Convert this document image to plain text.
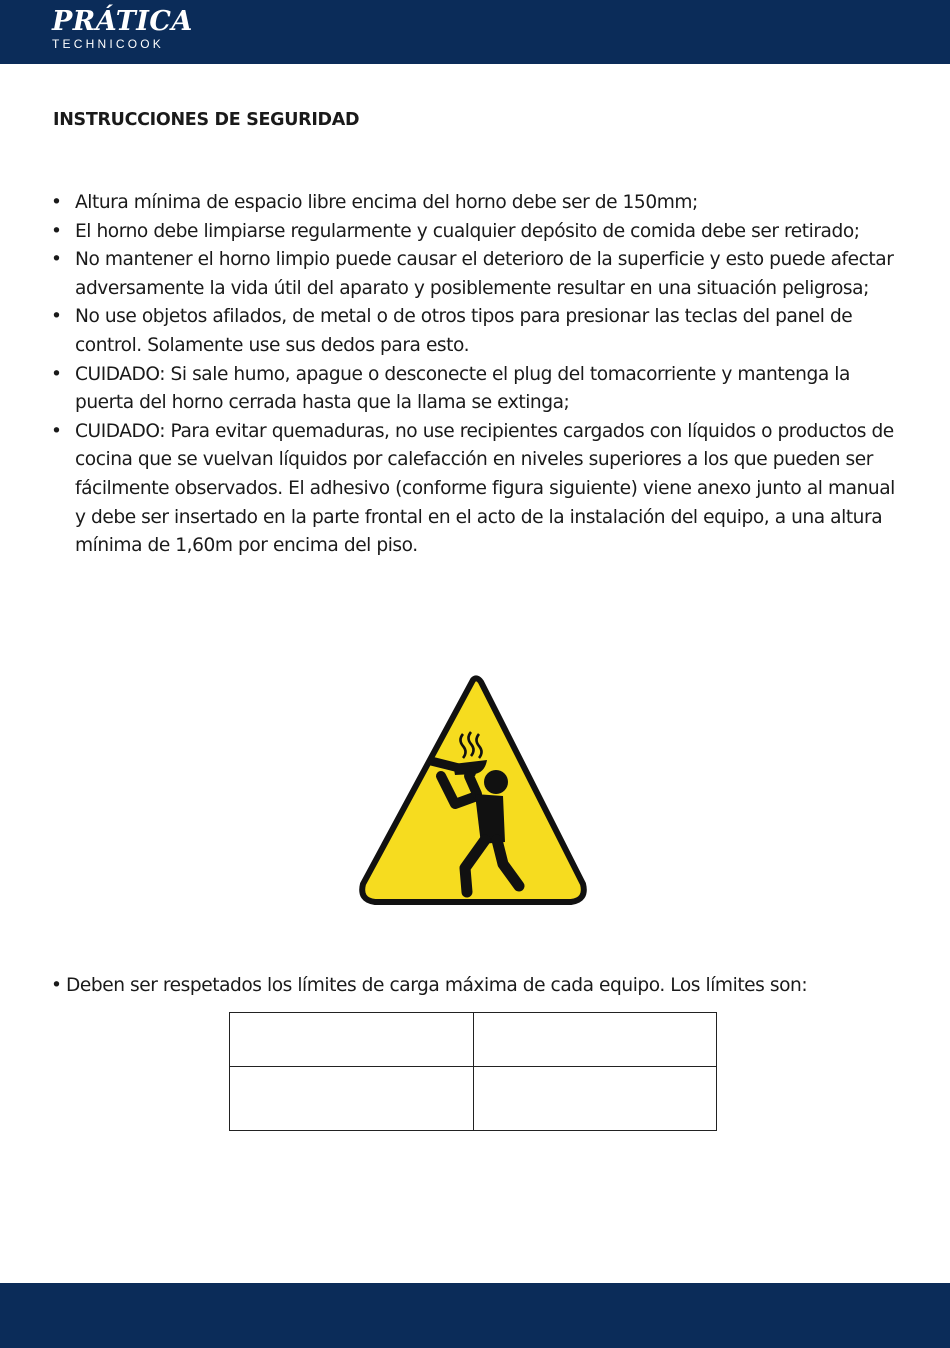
PRÁTICA
TECHNICOOK
INSTRUCCIONES DE SEGURIDAD
• Altura mínima de espacio libre encima del horno debe ser de 150mm;
• El horno debe limpiarse regularmente y cualquier depósito de comida debe ser retirado;
• No mantener el horno limpio puede causar el deterioro de la superficie y esto puede afectar adversamente la vida útil del aparato y posiblemente resultar en una situación peligrosa;
• No use objetos afilados, de metal o de otros tipos para presionar las teclas del panel de control. Solamente use sus dedos para esto.
• CUIDADO: Si sale humo, apague o desconecte el plug del tomacorriente y mantenga la puerta del horno cerrada hasta que la llama se extinga;
• CUIDADO: Para evitar quemaduras, no use recipientes cargados con líquidos o productos de cocina que se vuelvan líquidos por calefacción en niveles superiores a los que pueden ser fácilmente observados. El adhesivo (conforme figura siguiente) viene anexo junto al manual y debe ser insertado en la parte frontal en el acto de la instalación del equipo, a una altura mínima de 1,60m por encima del piso.

• Deben ser respetados los límites de carga máxima de cada equipo. Los límites son:
